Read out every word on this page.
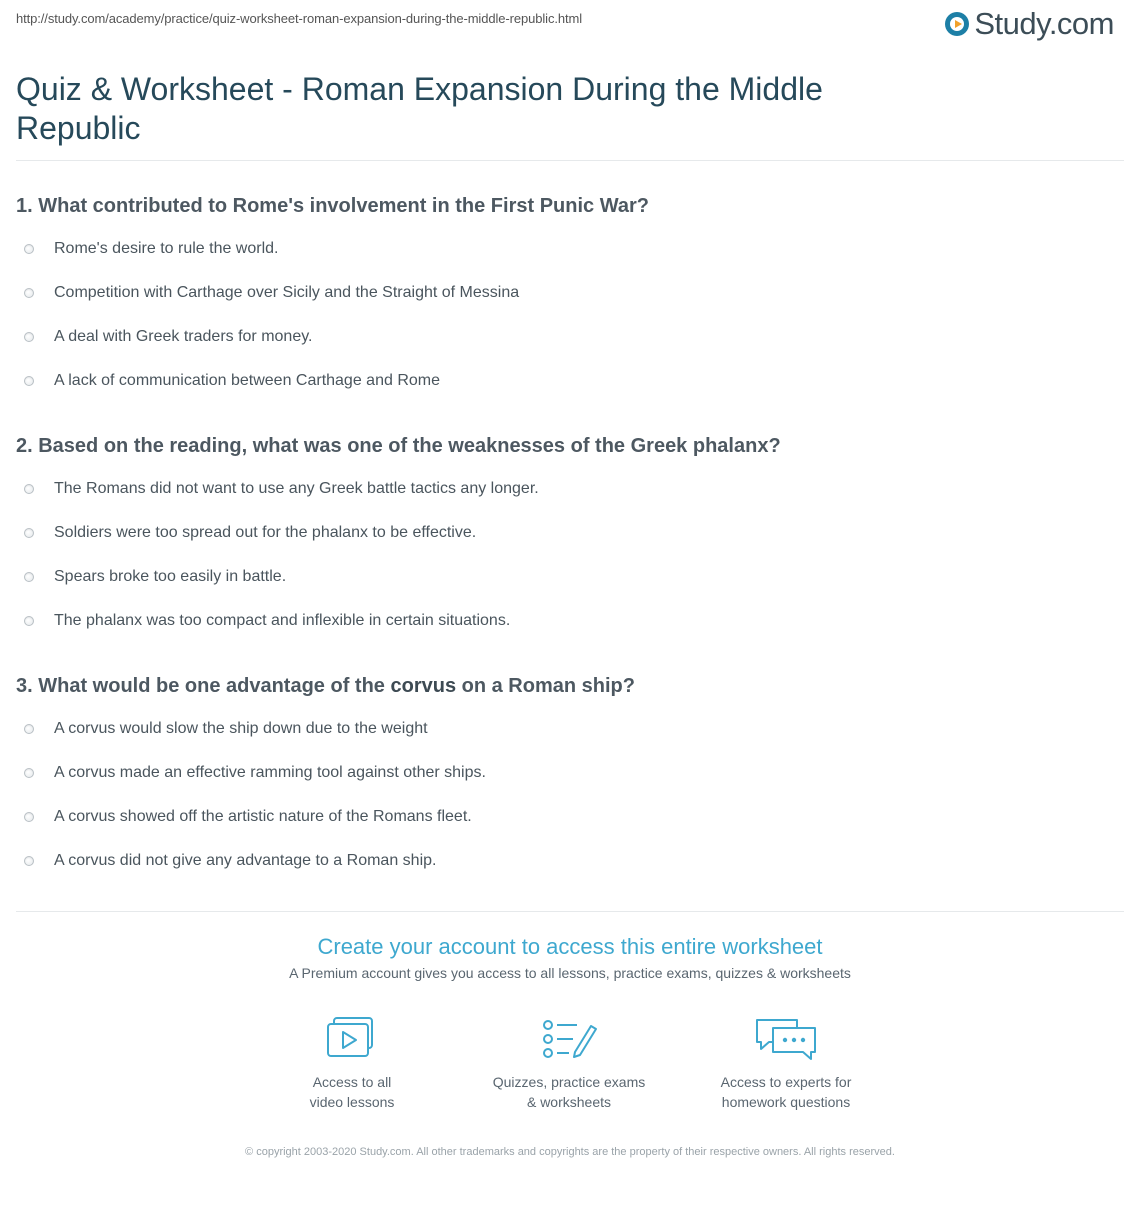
http://study.com/academy/practice/quiz-worksheet-roman-expansion-during-the-middle-republic.html	Study.com
Quiz & Worksheet - Roman Expansion During the Middle Republic

1. What contributed to Rome's involvement in the First Punic War?

Rome's desire to rule the world.
Competition with Carthage over Sicily and the Straight of Messina
A deal with Greek traders for money.
A lack of communication between Carthage and Rome

2. Based on the reading, what was one of the weaknesses of the Greek phalanx?

The Romans did not want to use any Greek battle tactics any longer.
Soldiers were too spread out for the phalanx to be effective.
Spears broke too easily in battle.
The phalanx was too compact and inflexible in certain situations.

3. What would be one advantage of the corvus on a Roman ship?

A corvus would slow the ship down due to the weight
A corvus made an effective ramming tool against other ships.
A corvus showed off the artistic nature of the Romans fleet.
A corvus did not give any advantage to a Roman ship.
Create your account to access this entire worksheet
A Premium account gives you access to all lessons, practice exams, quizzes & worksheets
Access to all
video lessons
Quizzes, practice exams
& worksheets
Access to experts for
homework questions
© copyright 2003-2020 Study.com. All other trademarks and copyrights are the property of their respective owners. All rights reserved.
